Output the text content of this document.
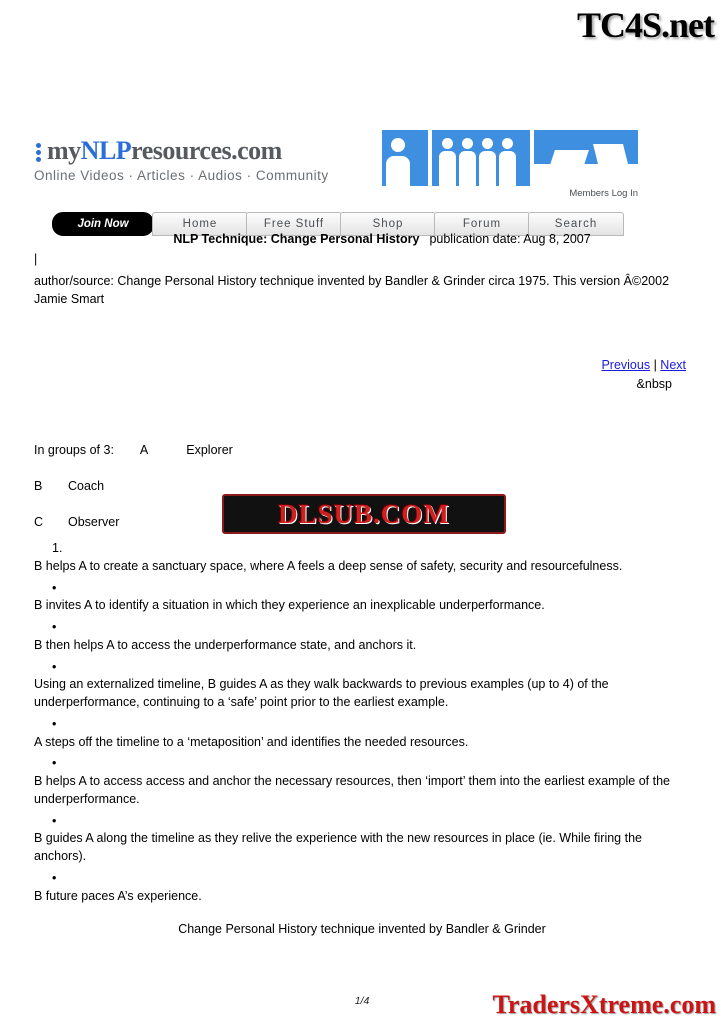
TC4S.net
myNLPresources.com
Online Videos · Articles · Audios · Community
Members Log In
Join Now	Home	Free Stuff	Shop	Forum	Search
NLP Technique: Change Personal History publication date: Aug 8, 2007
|
author/source: Change Personal History technique invented by Bandler & Grinder circa 1975. This version Â©2002 Jamie Smart
Previous | Next
&nbsp
In groups of 3: A	Explorer
B Coach
C Observer	DLSUB.COM
1.
B helps A to create a sanctuary space, where A feels a deep sense of safety, security and resourcefulness.
•
B invites A to identify a situation in which they experience an inexplicable underperformance.
•
B then helps A to access the underperformance state, and anchors it.
•
Using an externalized timeline, B guides A as they walk backwards to previous examples (up to 4) of the underperformance, continuing to a ‘safe’ point prior to the earliest example.
•
A steps off the timeline to a ‘metaposition’ and identifies the needed resources.
•
B helps A to access access and anchor the necessary resources, then ‘import’ them into the earliest example of the underperformance.
•
B guides A along the timeline as they relive the experience with the new resources in place (ie. While firing the anchors).
•
B future paces A’s experience.
Change Personal History technique invented by Bandler & Grinder
1/4	TradersXtreme.com
